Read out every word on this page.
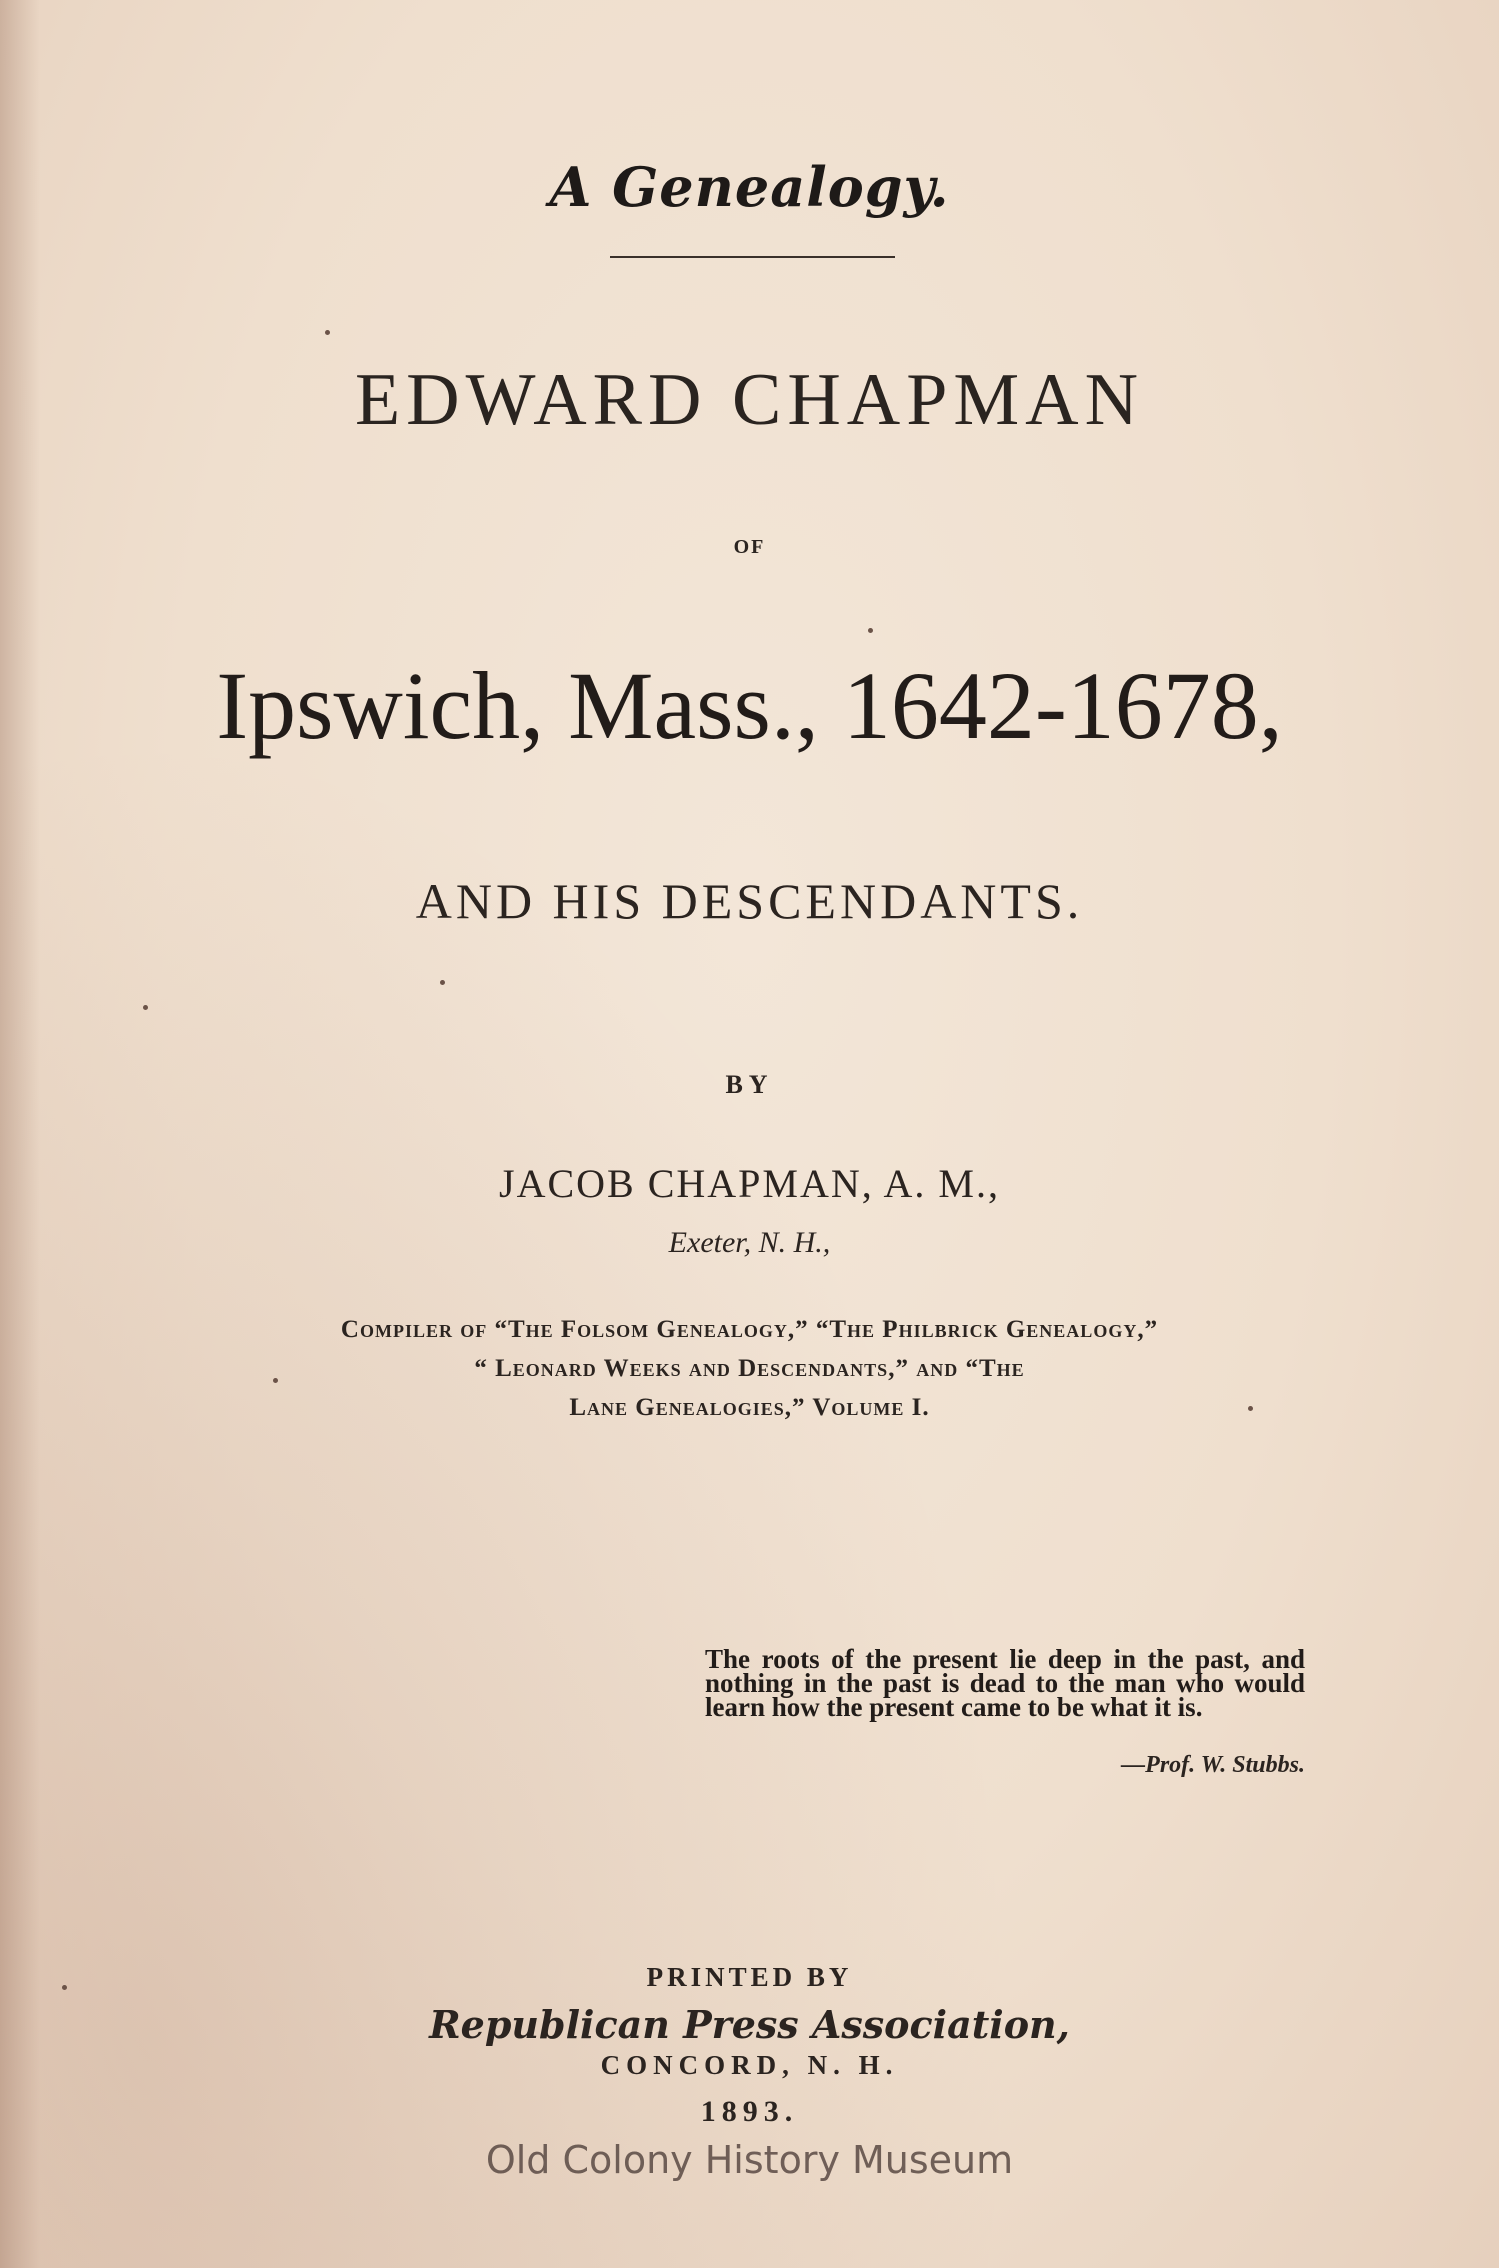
A Genealogy.
EDWARD CHAPMAN
OF
Ipswich, Mass., 1642-1678,
AND HIS DESCENDANTS.
BY
JACOB CHAPMAN, A. M.,
Exeter, N. H.,
Compiler of “The Folsom Genealogy,” “The Philbrick Genealogy,”
“ Leonard Weeks and Descendants,” and “The
Lane Genealogies,” Volume I.
The roots of the present lie deep in the past, and nothing in the past is dead to the man who would learn how the present came to be what it is.
—Prof. W. Stubbs.
PRINTED BY
Republican Press Association,
CONCORD, N. H.
1893.
Old Colony History Museum
